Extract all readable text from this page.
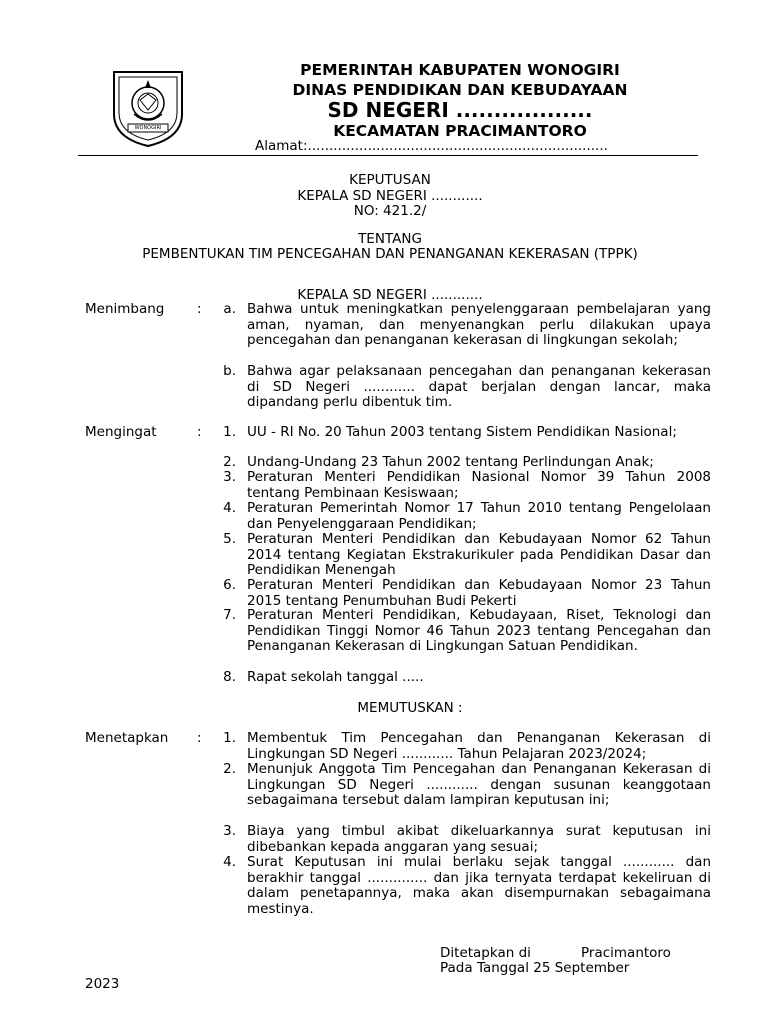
WONOGIRI
PEMERINTAH KABUPATEN WONOGIRI
DINAS PENDIDIKAN DAN KEBUDAYAAN
SD NEGERI ..................
KECAMATAN PRACIMANTORO
Alamat:......................................................................
KEPUTUSAN
KEPALA SD NEGERI ............
NO: 421.2/
TENTANG
PEMBENTUKAN TIM PENCEGAHAN DAN PENANGANAN KEKERASAN (TPPK)
KEPALA SD NEGERI ............
Menimbang :	a. Bahwa untuk meningkatkan penyelenggaraan pembelajaran yang aman, nyaman, dan menyenangkan perlu dilakukan upaya pencegahan dan penanganan kekerasan di lingkungan sekolah;
b. Bahwa agar pelaksanaan pencegahan dan penanganan kekerasan di SD Negeri ............ dapat berjalan dengan lancar, maka dipandang perlu dibentuk tim.
Mengingat	:	1. UU - RI No. 20 Tahun 2003 tentang Sistem Pendidikan Nasional;
2. Undang-Undang 23 Tahun 2002 tentang Perlindungan Anak;
3. Peraturan Menteri Pendidikan Nasional Nomor 39 Tahun 2008 tentang Pembinaan Kesiswaan;
4. Peraturan Pemerintah Nomor 17 Tahun 2010 tentang Pengelolaan dan Penyelenggaraan Pendidikan;
5. Peraturan Menteri Pendidikan dan Kebudayaan Nomor 62 Tahun 2014 tentang Kegiatan Ekstrakurikuler pada Pendidikan Dasar dan Pendidikan Menengah
6. Peraturan Menteri Pendidikan dan Kebudayaan Nomor 23 Tahun 2015 tentang Penumbuhan Budi Pekerti
7. Peraturan Menteri Pendidikan, Kebudayaan, Riset, Teknologi dan Pendidikan Tinggi Nomor 46 Tahun 2023 tentang Pencegahan dan Penanganan Kekerasan di Lingkungan Satuan Pendidikan.
8. Rapat sekolah tanggal .....
MEMUTUSKAN :
Menetapkan :	1. Membentuk Tim Pencegahan dan Penanganan Kekerasan di Lingkungan SD Negeri ............ Tahun Pelajaran 2023/2024;
2. Menunjuk Anggota Tim Pencegahan dan Penanganan Kekerasan di Lingkungan SD Negeri ............ dengan susunan keanggotaan sebagaimana tersebut dalam lampiran keputusan ini;
3. Biaya yang timbul akibat dikeluarkannya surat keputusan ini dibebankan kepada anggaran yang sesuai;
4. Surat Keputusan ini mulai berlaku sejak tanggal ............ dan berakhir tanggal .............. dan jika ternyata terdapat kekeliruan di dalam penetapannya, maka akan disempurnakan sebagaimana mestinya.
Ditetapkan di	Pracimantoro
Pada Tanggal 25 September
2023
